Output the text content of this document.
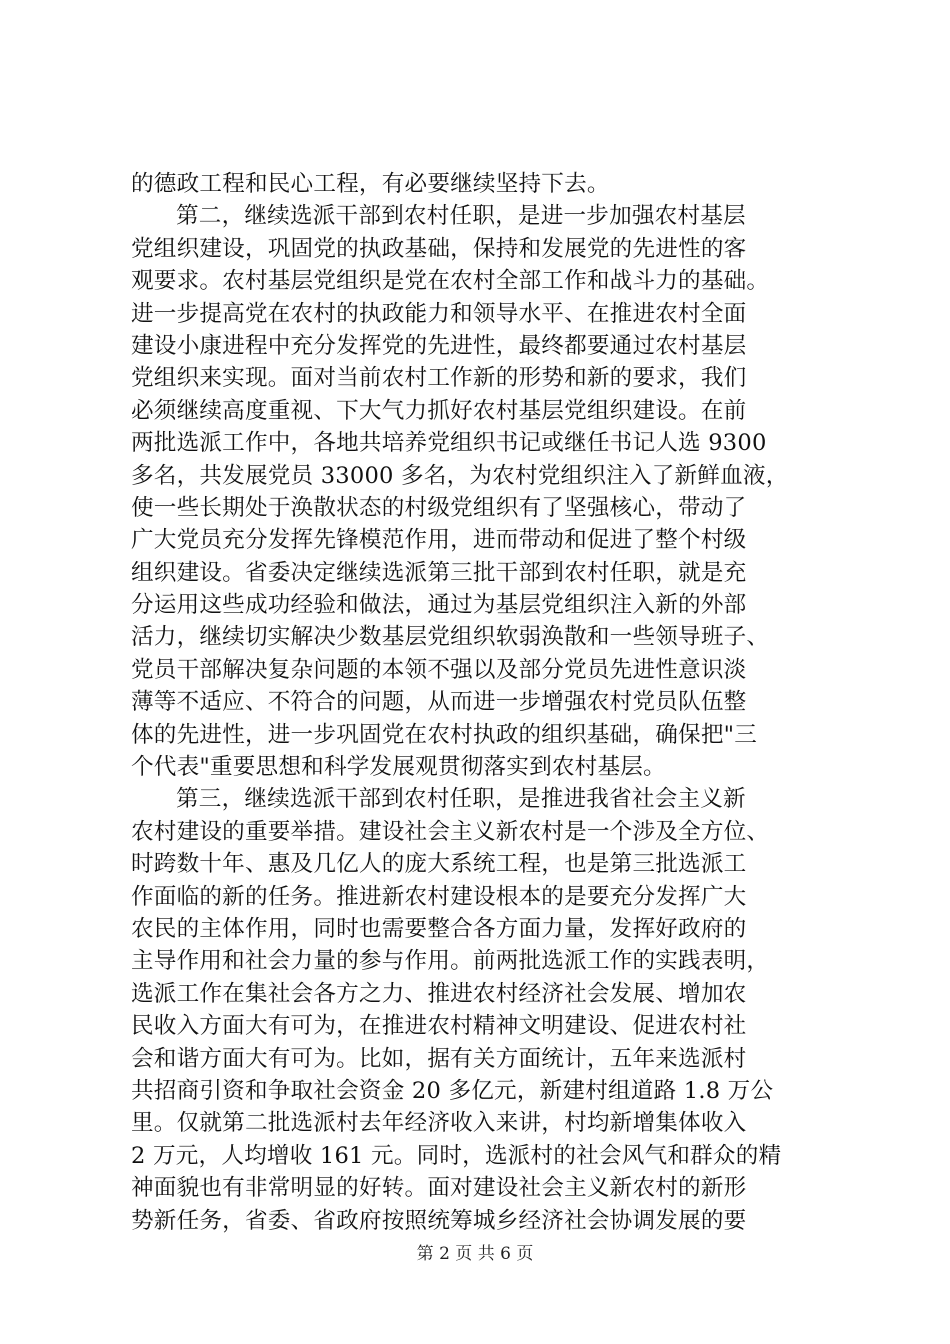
的德政工程和民心工程，有必要继续坚持下去。
第二，继续选派干部到农村任职，是进一步加强农村基层
党组织建设，巩固党的执政基础，保持和发展党的先进性的客
观要求。农村基层党组织是党在农村全部工作和战斗力的基础。
进一步提高党在农村的执政能力和领导水平、在推进农村全面
建设小康进程中充分发挥党的先进性，最终都要通过农村基层
党组织来实现。面对当前农村工作新的形势和新的要求，我们
必须继续高度重视、下大气力抓好农村基层党组织建设。在前
两批选派工作中，各地共培养党组织书记或继任书记人选 9300
多名，共发展党员 33000 多名，为农村党组织注入了新鲜血液，
使一些长期处于涣散状态的村级党组织有了坚强核心，带动了
广大党员充分发挥先锋模范作用，进而带动和促进了整个村级
组织建设。省委决定继续选派第三批干部到农村任职，就是充
分运用这些成功经验和做法，通过为基层党组织注入新的外部
活力，继续切实解决少数基层党组织软弱涣散和一些领导班子、
党员干部解决复杂问题的本领不强以及部分党员先进性意识淡
薄等不适应、不符合的问题，从而进一步增强农村党员队伍整
体的先进性，进一步巩固党在农村执政的组织基础，确保把"三
个代表"重要思想和科学发展观贯彻落实到农村基层。
第三，继续选派干部到农村任职，是推进我省社会主义新
农村建设的重要举措。建设社会主义新农村是一个涉及全方位、
时跨数十年、惠及几亿人的庞大系统工程，也是第三批选派工
作面临的新的任务。推进新农村建设根本的是要充分发挥广大
农民的主体作用，同时也需要整合各方面力量，发挥好政府的
主导作用和社会力量的参与作用。前两批选派工作的实践表明，
选派工作在集社会各方之力、推进农村经济社会发展、增加农
民收入方面大有可为，在推进农村精神文明建设、促进农村社
会和谐方面大有可为。比如，据有关方面统计，五年来选派村
共招商引资和争取社会资金 20 多亿元，新建村组道路 1.8 万公
里。仅就第二批选派村去年经济收入来讲，村均新增集体收入
2 万元，人均增收 161 元。同时，选派村的社会风气和群众的精
神面貌也有非常明显的好转。面对建设社会主义新农村的新形
势新任务，省委、省政府按照统筹城乡经济社会协调发展的要
第 2 页 共 6 页
